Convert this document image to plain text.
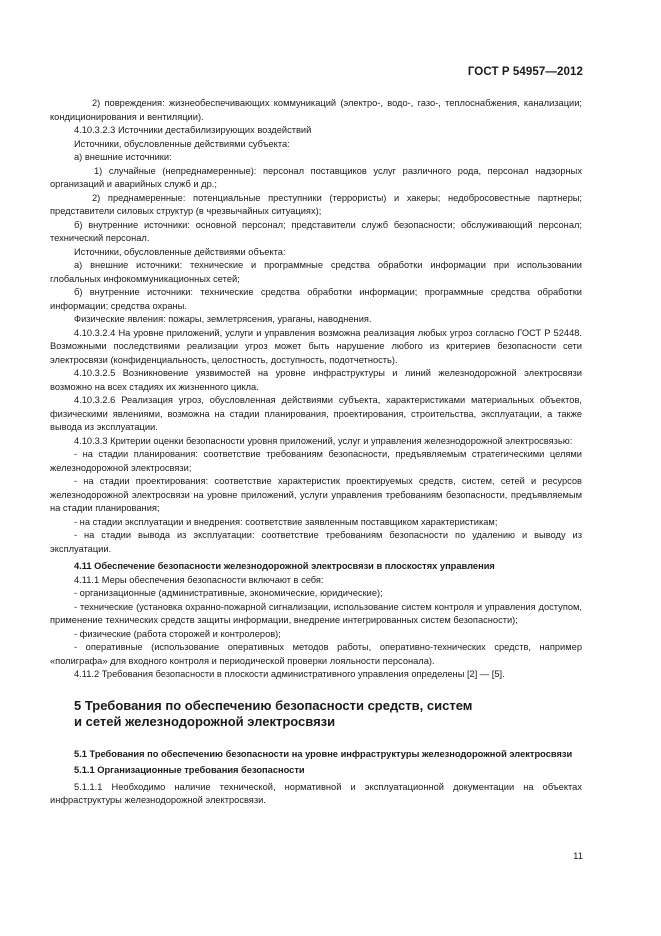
ГОСТ Р 54957—2012

2) повреждения: жизнеобеспечивающих коммуникаций (электро-, водо-, газо-, теплоснабжения, канализации; кондиционирования и вентиляции).

4.10.3.2.3 Источники дестабилизирующих воздействий

Источники, обусловленные действиями субъекта:

а) внешние источники:

1) случайные (непреднамеренные): персонал поставщиков услуг различного рода, персонал надзорных организаций и аварийных служб и др.;

2) преднамеренные: потенциальные преступники (террористы) и хакеры; недобросовестные партнеры; представители силовых структур (в чрезвычайных ситуациях);

б) внутренние источники: основной персонал; представители служб безопасности; обслуживающий персонал; технический персонал.

Источники, обусловленные действиями объекта:

а) внешние источники: технические и программные средства обработки информации при использовании глобальных инфокоммуникационных сетей;

б) внутренние источники: технические средства обработки информации; программные средства обработки информации; средства охраны.

Физические явления: пожары, землетрясения, ураганы, наводнения.

4.10.3.2.4 На уровне приложений, услуги и управления возможна реализация любых угроз согласно ГОСТ Р 52448. Возможными последствиями реализации угроз может быть нарушение любого из критериев безопасности сети электросвязи (конфиденциальность, целостность, доступность, подотчетность).

4.10.3.2.5 Возникновение уязвимостей на уровне инфраструктуры и линий железнодорожной электросвязи возможно на всех стадиях их жизненного цикла.

4.10.3.2.6 Реализация угроз, обусловленная действиями субъекта, характеристиками материальных объектов, физическими явлениями, возможна на стадии планирования, проектирования, строительства, эксплуатации, а также вывода из эксплуатации.

4.10.3.3 Критерии оценки безопасности уровня приложений, услуг и управления железнодорожной электросвязью:

- на стадии планирования: соответствие требованиям безопасности, предъявляемым стратегическими целями железнодорожной электросвязи;

- на стадии проектирования: соответствие характеристик проектируемых средств, систем, сетей и ресурсов железнодорожной электросвязи на уровне приложений, услуги управления требованиям безопасности, предъявляемым на стадии планирования;

- на стадии эксплуатации и внедрения: соответствие заявленным поставщиком характеристикам;

- на стадии вывода из эксплуатации: соответствие требованиям безопасности по удалению и выводу из эксплуатации.

4.11 Обеспечение безопасности железнодорожной электросвязи в плоскостях управления

4.11.1 Меры обеспечения безопасности включают в себя:

- организационные (административные, экономические, юридические);

- технические (установка охранно-пожарной сигнализации, использование систем контроля и управления доступом, применение технических средств защиты информации, внедрение интегрированных систем безопасности);

- физические (работа сторожей и контролеров);

- оперативные (использование оперативных методов работы, оперативно-технических средств, например «полиграфа» для входного контроля и периодической проверки лояльности персонала).

4.11.2 Требования безопасности в плоскости административного управления определены [2] — [5].

5 Требования по обеспечению безопасности средств, систем
и сетей железнодорожной электросвязи

5.1 Требования по обеспечению безопасности на уровне инфраструктуры железнодорожной электросвязи

5.1.1 Организационные требования безопасности

5.1.1.1 Необходимо наличие технической, нормативной и эксплуатационной документации на объектах инфраструктуры железнодорожной электросвязи.

11
